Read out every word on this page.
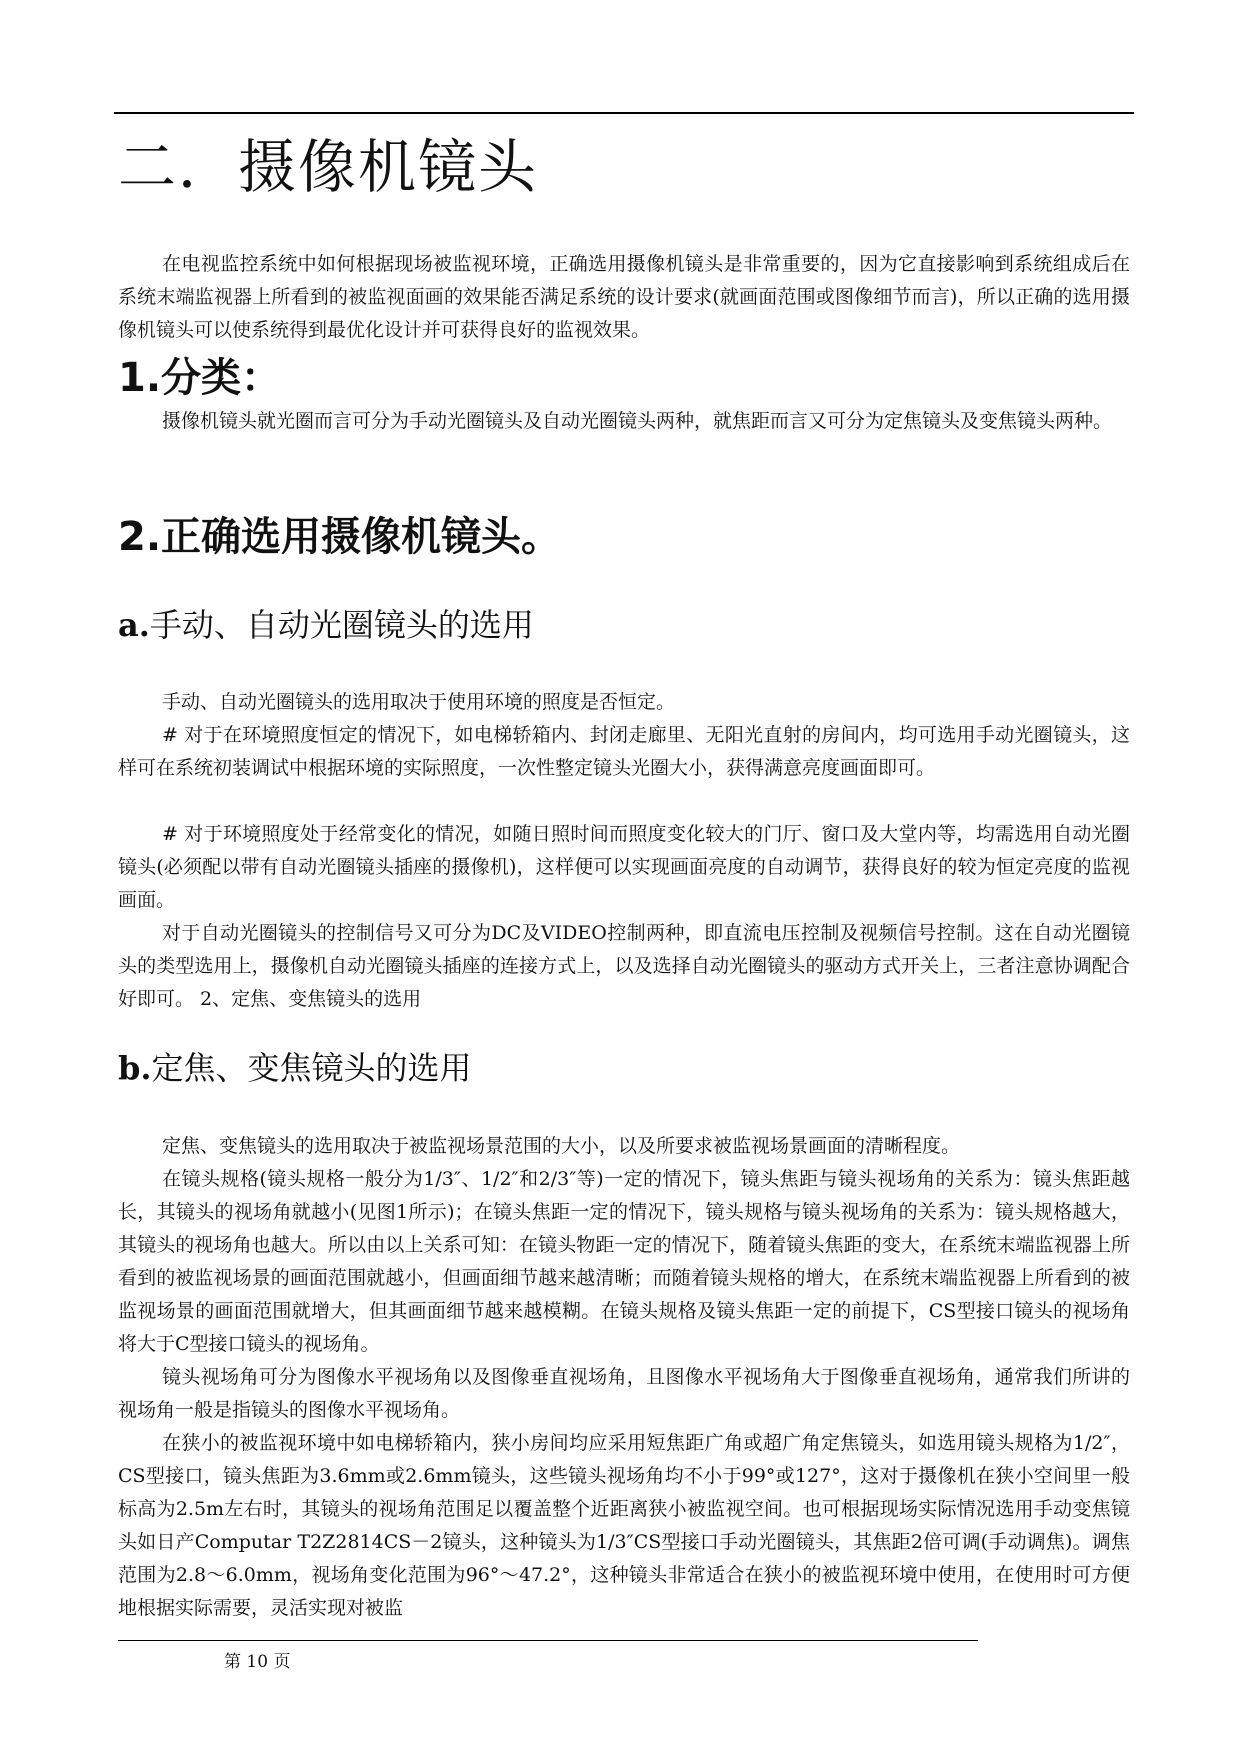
二．摄像机镜头

在电视监控系统中如何根据现场被监视环境，正确选用摄像机镜头是非常重要的，因为它直接影响到系统组成后在系统末端监视器上所看到的被监视面画的效果能否满足系统的设计要求(就画面范围或图像细节而言)，所以正确的选用摄像机镜头可以使系统得到最优化设计并可获得良好的监视效果。

1.分类：

摄像机镜头就光圈而言可分为手动光圈镜头及自动光圈镜头两种，就焦距而言又可分为定焦镜头及变焦镜头两种。

2.正确选用摄像机镜头。
a.手动、自动光圈镜头的选用

手动、自动光圈镜头的选用取决于使用环境的照度是否恒定。

# 对于在环境照度恒定的情况下，如电梯轿箱内、封闭走廊里、无阳光直射的房间内，均可选用手动光圈镜头，这样可在系统初装调试中根据环境的实际照度，一次性整定镜头光圈大小，获得满意亮度画面即可。

# 对于环境照度处于经常变化的情况，如随日照时间而照度变化较大的门厅、窗口及大堂内等，均需选用自动光圈镜头(必须配以带有自动光圈镜头插座的摄像机)，这样便可以实现画面亮度的自动调节，获得良好的较为恒定亮度的监视画面。

对于自动光圈镜头的控制信号又可分为DC及VIDEO控制两种，即直流电压控制及视频信号控制。这在自动光圈镜头的类型选用上，摄像机自动光圈镜头插座的连接方式上，以及选择自动光圈镜头的驱动方式开关上，三者注意协调配合好即可。 2、定焦、变焦镜头的选用

b.定焦、变焦镜头的选用

定焦、变焦镜头的选用取决于被监视场景范围的大小，以及所要求被监视场景画面的清晰程度。

在镜头规格(镜头规格一般分为1/3″、1/2″和2/3″等)一定的情况下，镜头焦距与镜头视场角的关系为：镜头焦距越长，其镜头的视场角就越小(见图1所示)；在镜头焦距一定的情况下，镜头规格与镜头视场角的关系为：镜头规格越大，其镜头的视场角也越大。所以由以上关系可知：在镜头物距一定的情况下，随着镜头焦距的变大，在系统末端监视器上所看到的被监视场景的画面范围就越小，但画面细节越来越清晰；而随着镜头规格的增大，在系统末端监视器上所看到的被监视场景的画面范围就增大，但其画面细节越来越模糊。在镜头规格及镜头焦距一定的前提下，CS型接口镜头的视场角将大于C型接口镜头的视场角。

镜头视场角可分为图像水平视场角以及图像垂直视场角，且图像水平视场角大于图像垂直视场角，通常我们所讲的视场角一般是指镜头的图像水平视场角。

在狭小的被监视环境中如电梯轿箱内，狭小房间均应采用短焦距广角或超广角定焦镜头，如选用镜头规格为1/2″，CS型接口，镜头焦距为3.6mm或2.6mm镜头，这些镜头视场角均不小于99°或127°，这对于摄像机在狭小空间里一般标高为2.5m左右时，其镜头的视场角范围足以覆盖整个近距离狭小被监视空间。也可根据现场实际情况选用手动变焦镜头如日产Computar T2Z2814CS－2镜头，这种镜头为1/3″CS型接口手动光圈镜头，其焦距2倍可调(手动调焦)。调焦范围为2.8～6.0mm，视场角变化范围为96°～47.2°，这种镜头非常适合在狭小的被监视环境中使用，在使用时可方便地根据实际需要，灵活实现对被监

第 10 页
